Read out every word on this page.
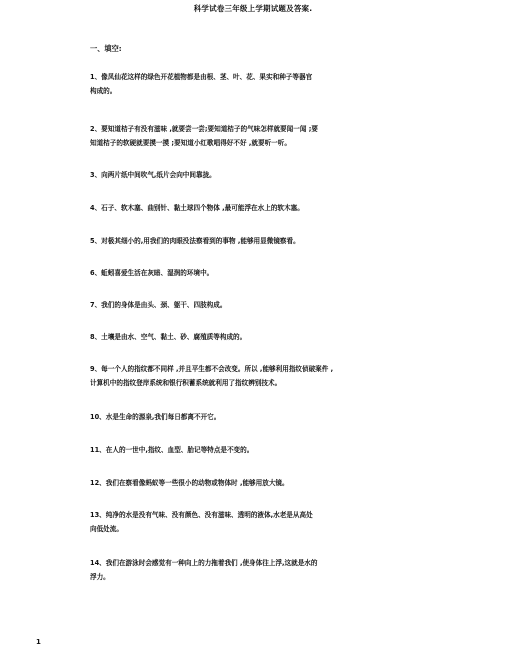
科学试卷三年级上学期试题及答案.
一、填空:
1、像凤仙花这样的绿色开花植物都是由根、茎、叶、花、果实和种子等器官
构成的。
2、要知道桔子有没有滋味 ,就要尝一尝;要知道桔子的气味怎样就要闻一闻 ;要
知道桔子的软硬就要摸一摸 ;要知道小红歌唱得好不好 ,就要听一听。
3、向两片纸中间吹气,纸片会向中间靠拢。
4、石子、软木塞、曲别针、黏土球四个物体 ,最可能浮在水上的软木塞。
5、对极其细小的,用我们的肉眼没法察看到的事物 ,能够用显微镜察看。
6、蚯蚓喜爱生活在灰暗、湿润的环境中。
7、我们的身体是由头、颈、躯干、四肢构成。
8、土壤是由水、空气、黏土、砂、腐殖质等构成的。
9、每一个人的指纹都不同样 ,并且平生都不会改变。所以 ,能够利用指纹侦破案件 ,
计算机中的指纹登岸系统和银行积蓄系统就利用了指纹辨别技术。
10、水是生命的源泉,我们每日都离不开它。
11、在人的一世中,指纹、血型、胎记等特点是不变的。
12、我们在察看像蚂蚁等一些很小的动物或物体时 ,能够用放大镜。
13、纯净的水是没有气味、没有颜色、没有滋味、透明的液体,水老是从高处
向低处流。
14、我们在游泳时会感觉有一种向上的力拖着我们 ,使身体往上浮,这就是水的
浮力。
1
